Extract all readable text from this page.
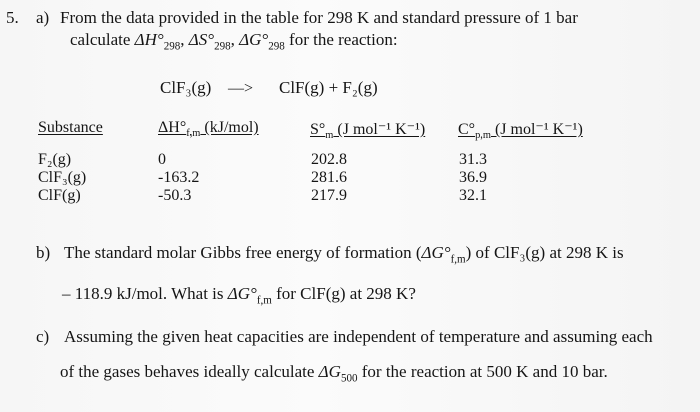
5. a) From the data provided in the table for 298 K and standard pressure of 1 bar
calculate $\Delta H^\circ_{298}$, $\Delta S^\circ_{298}$, $\Delta G^\circ_{298}$ for the reaction:
ClF₃(g) —> ClF(g) + F₂(g)
Substance	$\Delta H^\circ_{f,m}$ (kJ/mol)	$S^\circ_m$ (J mol⁻¹ K⁻¹) $C^\circ_{p,m}$ (J mol⁻¹ K⁻¹)
F₂(g)
ClF₃(g)
ClF(g)
0
-163.2
-50.3
202.8
281.6
217.9
31.3
36.9
32.1
b) The standard molar Gibbs free energy of formation $(\Delta G^\circ_{f,m})$ of ClF₃(g) at 298 K is
– 118.9 kJ/mol. What is $\Delta G^\circ_{f,m}$ for ClF(g) at 298 K?
c) Assuming the given heat capacities are independent of temperature and assuming each
of the gases behaves ideally calculate $\Delta G_{500}$ for the reaction at 500 K and 10 bar.
